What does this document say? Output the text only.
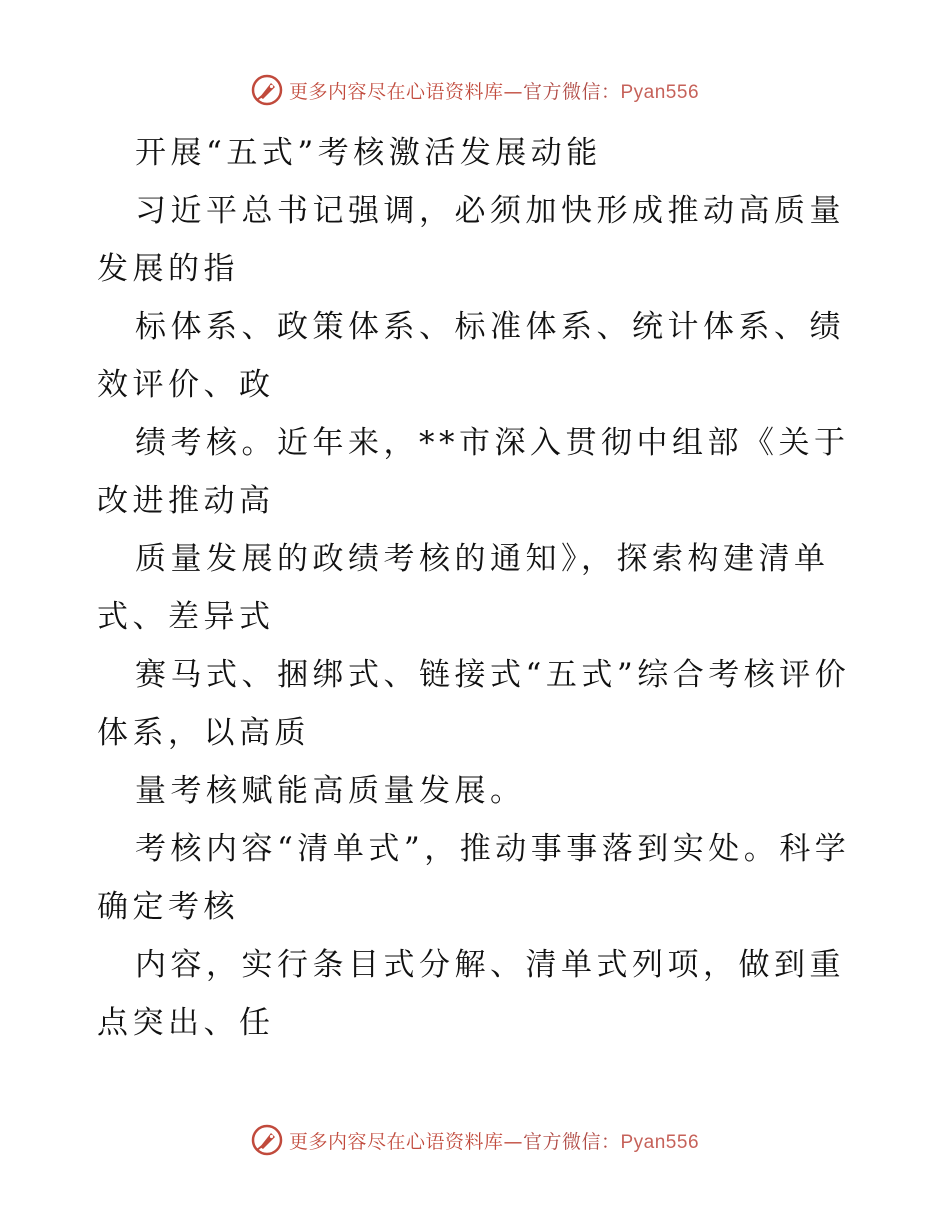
更多内容尽在心语资料库—官方微信：Pyan556

开展“五式”考核激活发展动能

习近平总书记强调，必须加快形成推动高质量发展的指

标体系、政策体系、标准体系、统计体系、绩效评价、政

绩考核。近年来，**市深入贯彻中组部《关于改进推动高

质量发展的政绩考核的通知》，探索构建清单式、差异式

赛马式、捆绑式、链接式“五式”综合考核评价体系，以高质

量考核赋能高质量发展。

考核内容“清单式”，推动事事落到实处。科学确定考核

内容，实行条目式分解、清单式列项，做到重点突出、任

更多内容尽在心语资料库—官方微信：Pyan556
